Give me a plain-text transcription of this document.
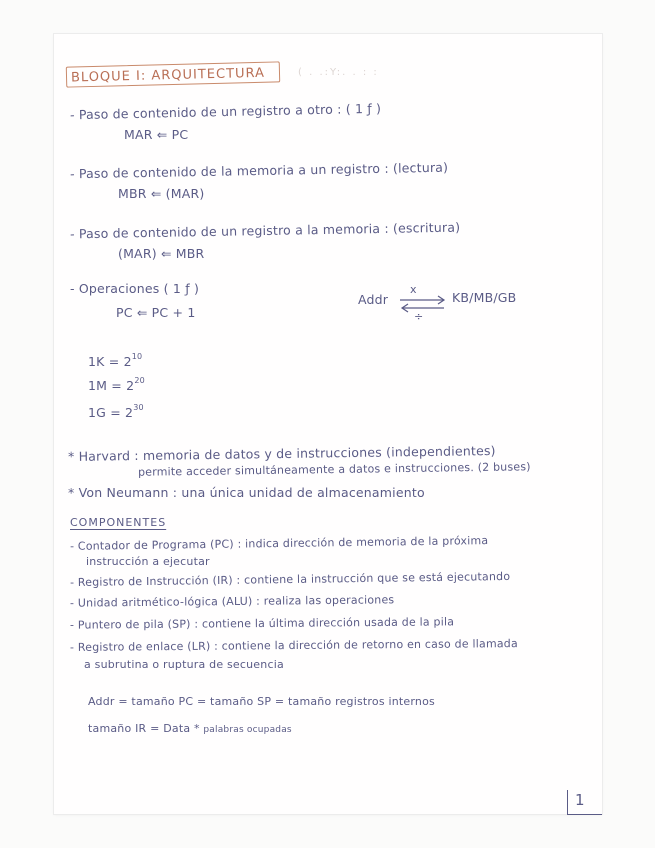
BLOQUE I: ARQUITECTURA	( . .:Y:. . : :
- Paso de contenido de un registro a otro : ( 1 ƒ )
MAR ⇐ PC
- Paso de contenido de la memoria a un registro : (lectura)
MBR ⇐ (MAR)
- Paso de contenido de un registro a la memoria : (escritura)
(MAR) ⇐ MBR
- Operaciones ( 1 ƒ )
PC ⇐ PC + 1
Addr
x
÷
KB/MB/GB
$1K = 2^{10}$
$1M = 2^{20}$
$1G = 2^{30}$
* Harvard : memoria de datos y de instrucciones (independientes)
permite acceder simultáneamente a datos e instrucciones. (2 buses)
* Von Neumann : una única unidad de almacenamiento
COMPONENTES
- Contador de Programa (PC) : indica dirección de memoria de la próxima
instrucción a ejecutar
- Registro de Instrucción (IR) : contiene la instrucción que se está ejecutando
- Unidad aritmético-lógica (ALU) : realiza las operaciones
- Puntero de pila (SP) : contiene la última dirección usada de la pila
- Registro de enlace (LR) : contiene la dirección de retorno en caso de llamada
a subrutina o ruptura de secuencia
Addr = tamaño PC = tamaño SP = tamaño registros internos
tamaño IR = Data * palabras ocupadas
1
